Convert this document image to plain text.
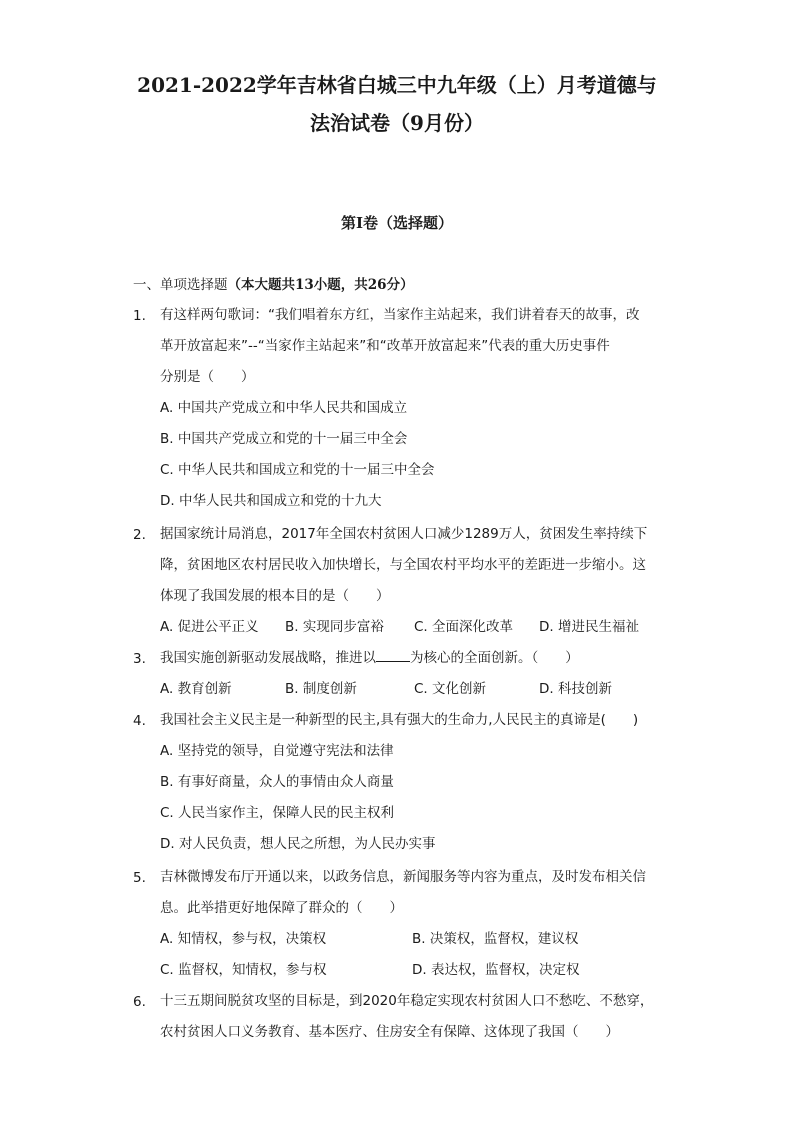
2021-2022学年吉林省白城三中九年级（上）月考道德与
法治试卷（9月份）
第I卷（选择题）
一、单项选择题（本大题共13小题，共26分）
1.	有这样两句歌词：“我们唱着东方红，当家作主站起来，我们讲着春天的故事，改
革开放富起来”--“当家作主站起来”和“改革开放富起来”代表的重大历史事件
分别是（　　）
A. 中国共产党成立和中华人民共和国成立
B. 中国共产党成立和党的十一届三中全会
C. 中华人民共和国成立和党的十一届三中全会
D. 中华人民共和国成立和党的十九大
2.	据国家统计局消息，2017年全国农村贫困人口减少1289万人，贫困发生率持续下
降，贫困地区农村居民收入加快增长，与全国农村平均水平的差距进一步缩小。这
体现了我国发展的根本目的是（　　）
A. 促进公平正义	B. 实现同步富裕	C. 全面深化改革	D. 增进民生福祉
3.	我国实施创新驱动发展战略，推进以	为核心的全面创新。（　　）
A. 教育创新	B. 制度创新	C. 文化创新	D. 科技创新
4.	我国社会主义民主是一种新型的民主,具有强大的生命力,人民民主的真谛是(　　)
A. 坚持党的领导，自觉遵守宪法和法律
B. 有事好商量，众人的事情由众人商量
C. 人民当家作主，保障人民的民主权利
D. 对人民负责，想人民之所想，为人民办实事
5.	吉林微博发布厅开通以来，以政务信息，新闻服务等内容为重点，及时发布相关信
息。此举措更好地保障了群众的（　　）
A. 知情权，参与权，决策权	B. 决策权，监督权，建议权
C. 监督权，知情权，参与权	D. 表达权，监督权，决定权
6.	十三五期间脱贫攻坚的目标是，到2020年稳定实现农村贫困人口不愁吃、不愁穿，
农村贫困人口义务教育、基本医疗、住房安全有保障、这体现了我国（　　）
